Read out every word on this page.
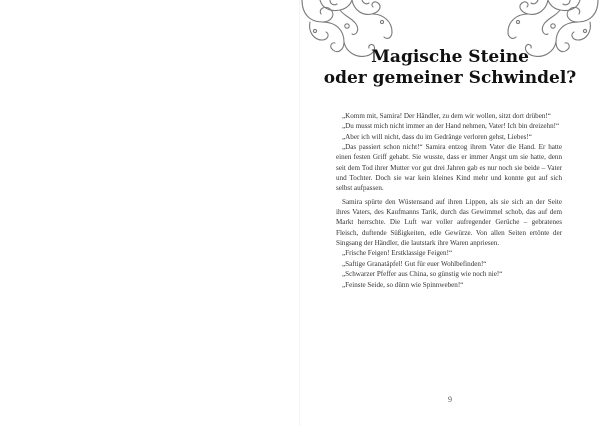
Magische Steine
oder gemeiner Schwindel?

„Komm mit, Samira! Der Händler, zu dem wir wollen, sitzt dort drüben!“

„Du musst mich nicht immer an der Hand nehmen, Vater! Ich bin dreizehn!“

„Aber ich will nicht, dass du im Gedränge verloren gehst, Liebes!“

„Das passiert schon nicht!“ Samira entzog ihrem Vater die Hand. Er hatte einen festen Griff gehabt. Sie wusste, dass er immer Angst um sie hatte, denn seit dem Tod ihrer Mutter vor gut drei Jahren gab es nur noch sie beide – Vater und Tochter. Doch sie war kein kleines Kind mehr und konnte gut auf sich selbst aufpassen.

Samira spürte den Wüstensand auf ihren Lippen, als sie sich an der Seite ihres Vaters, des Kaufmanns Tarik, durch das Gewimmel schob, das auf dem Markt herrschte. Die Luft war voller aufregender Gerüche – gebratenes Fleisch, duftende Süßigkeiten, edle Gewürze. Von allen Seiten ertönte der Singsang der Händler, die lautstark ihre Waren anpriesen.

„Frische Feigen! Erstklassige Feigen!“

„Saftige Granatäpfel! Gut für euer Wohlbefinden!“

„Schwarzer Pfeffer aus China, so günstig wie noch nie!“

„Feinste Seide, so dünn wie Spinnweben!“

9
